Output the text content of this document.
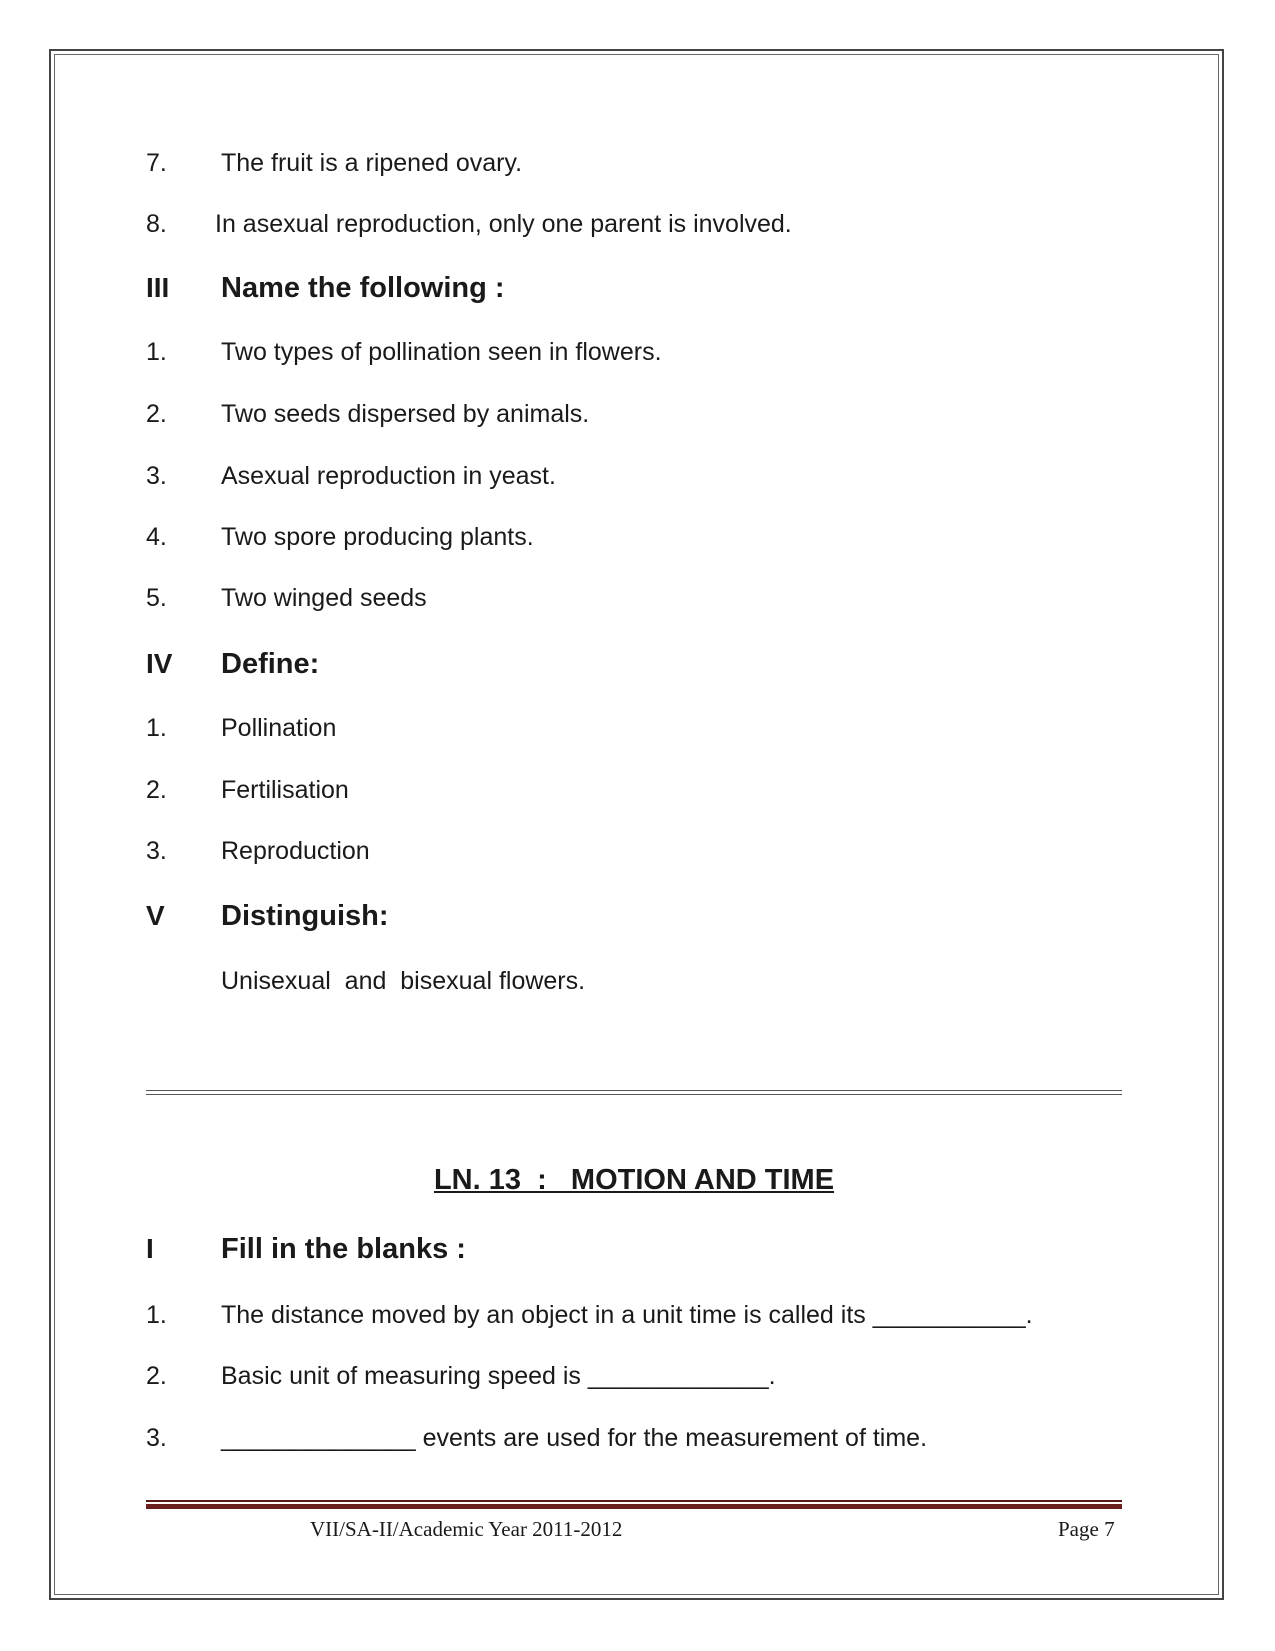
7. The fruit is a ripened ovary.
8. In asexual reproduction, only one parent is involved.
III Name the following :
1. Two types of pollination seen in flowers.
2. Two seeds dispersed by animals.
3. Asexual reproduction in yeast.
4. Two spore producing plants.
5. Two winged seeds
IV Define:
1. Pollination
2. Fertilisation
3. Reproduction
V Distinguish:
Unisexual  and  bisexual flowers.
LN. 13  :   MOTION AND TIME
I Fill in the blanks :
1. The distance moved by an object in a unit time is called its ___________.
2. Basic unit of measuring speed is _____________.
3. ______________ events are used for the measurement of time.
VII/SA-II/Academic Year 2011-2012	Page 7
